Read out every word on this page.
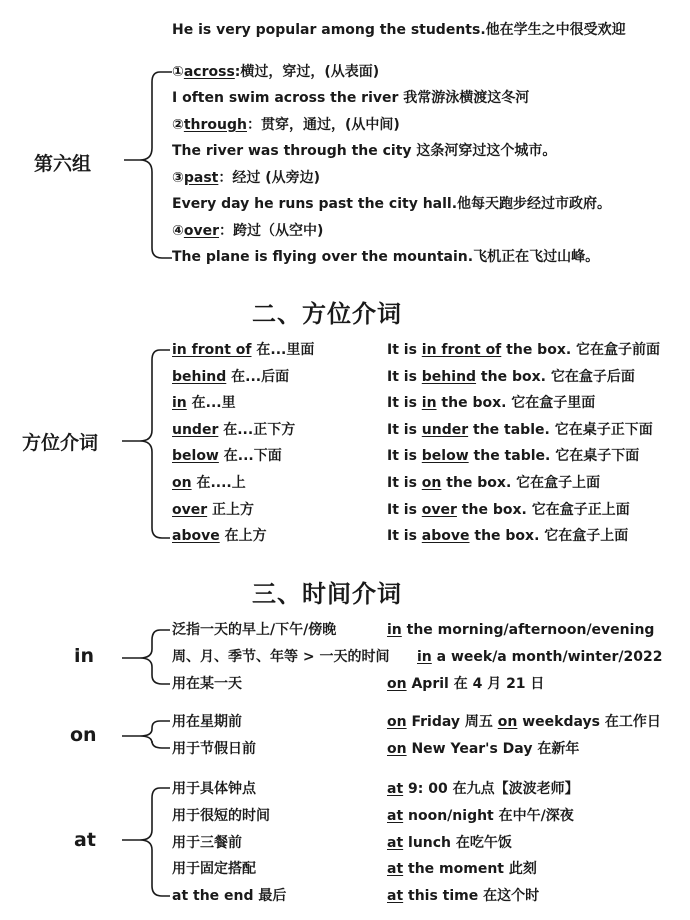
He is very popular among the students.他在学生之中很受欢迎
第六组
①across:横过，穿过，(从表面)
I often swim across the river 我常游泳横渡这冬河
②through：贯穿，通过，(从中间)
The river was through the city 这条河穿过这个城市。
③past：经过 (从旁边)
Every day he runs past the city hall.他每天跑步经过市政府。
④over：跨过（从空中)
The plane is flying over the mountain.飞机正在飞过山峰。
二、方位介词
方位介词
in front of 在...里面	It is in front of the box. 它在盒子前面
behind 在...后面	It is behind the box. 它在盒子后面
in 在...里	It is in the box. 它在盒子里面
under 在...正下方	It is under the table. 它在桌子正下面
below 在...下面	It is below the table. 它在桌子下面
on 在....上	It is on the box. 它在盒子上面
over 正上方	It is over the box. 它在盒子正上面
above 在上方	It is above the box. 它在盒子上面
三、时间介词
in
泛指一天的早上/下午/傍晚	in the morning/afternoon/evening
周、月、季节、年等 > 一天的时间 in a week/a month/winter/2022
用在某一天	on April 在 4 月 21 日
on
用在星期前	on Friday 周五 on weekdays 在工作日
用于节假日前	on New Year's Day 在新年
at
用于具体钟点	at 9: 00 在九点【波波老师】
用于很短的时间	at noon/night 在中午/深夜
用于三餐前	at lunch 在吃午饭
用于固定搭配	at the moment 此刻
at the end 最后	at this time 在这个时
